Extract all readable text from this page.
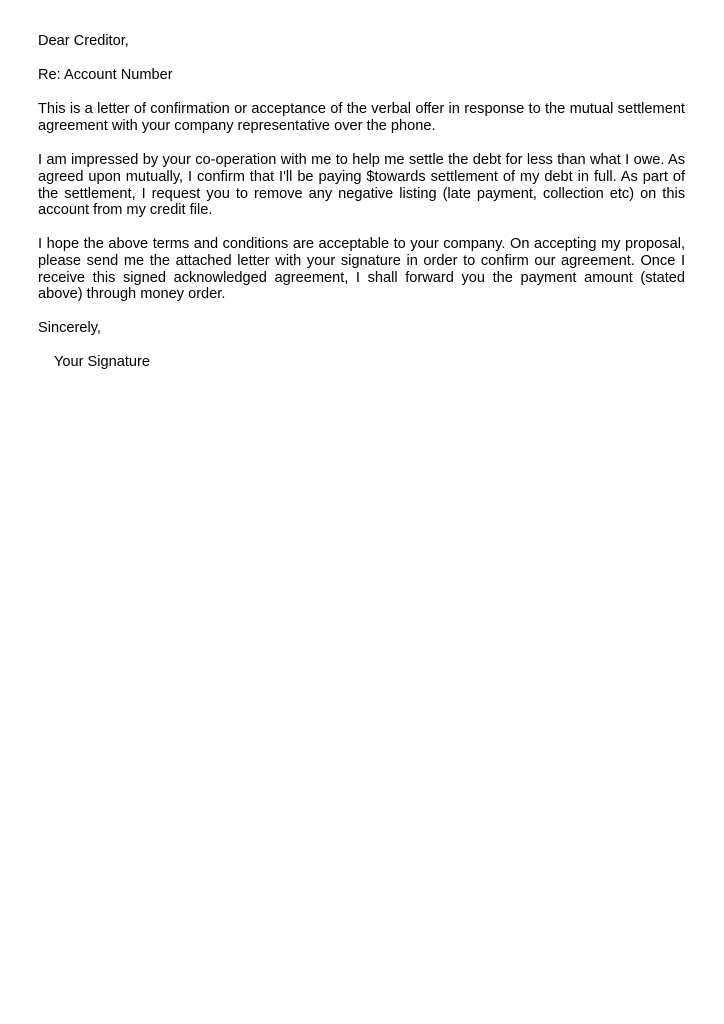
Dear Creditor,

Re: Account Number

This is a letter of confirmation or acceptance of the verbal offer in response to the mutual settlement agreement with your company representative over the phone.

I am impressed by your co-operation with me to help me settle the debt for less than what I owe. As agreed upon mutually, I confirm that I'll be paying $towards settlement of my debt in full. As part of the settlement, I request you to remove any negative listing (late payment, collection etc) on this account from my credit file.

I hope the above terms and conditions are acceptable to your company. On accepting my proposal, please send me the attached letter with your signature in order to confirm our agreement. Once I receive this signed acknowledged agreement, I shall forward you the payment amount (stated above) through money order.

Sincerely,

Your Signature
